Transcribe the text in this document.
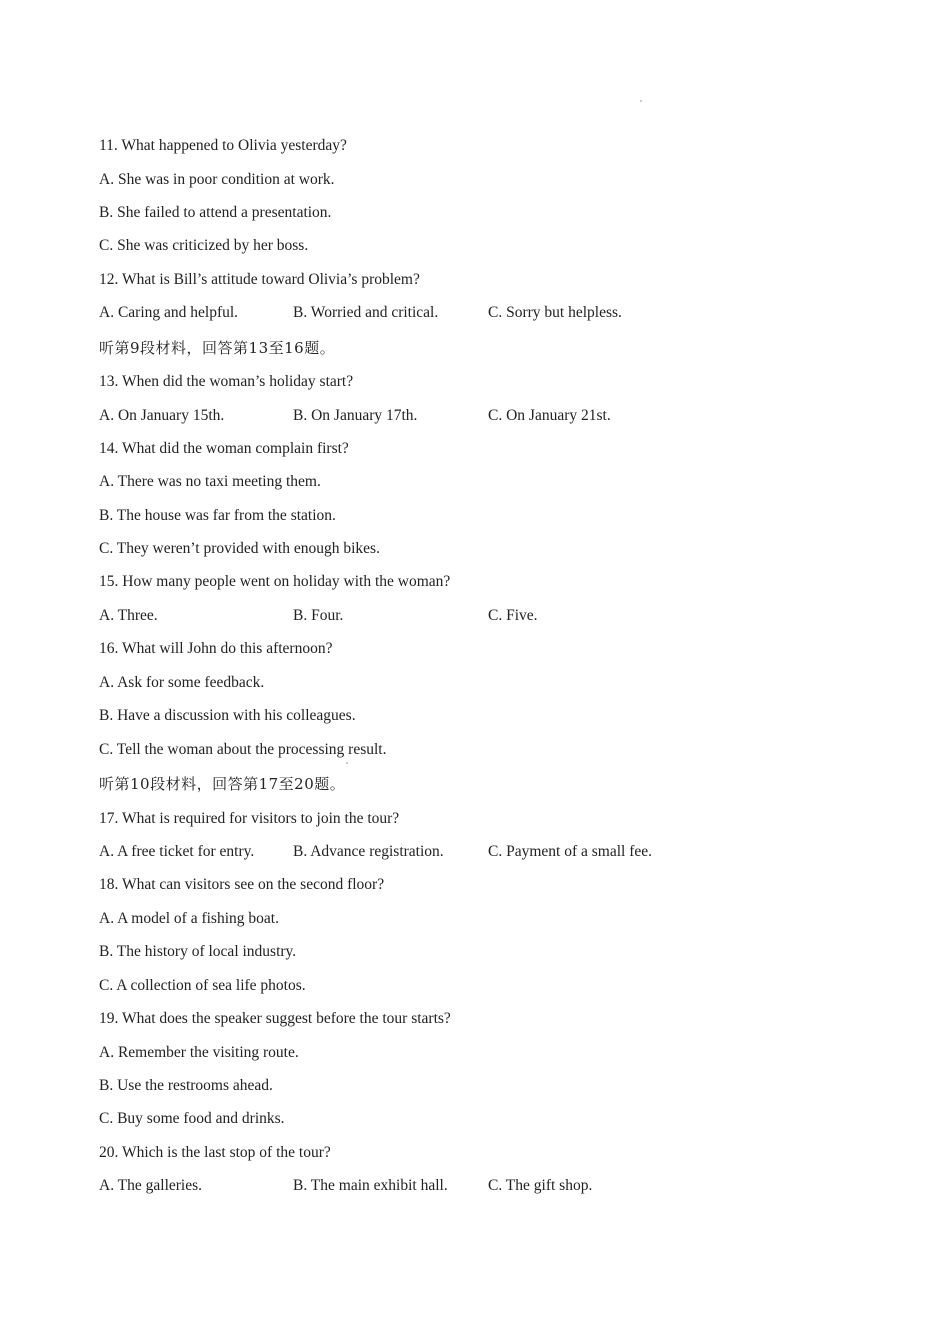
11. What happened to Olivia yesterday?
A. She was in poor condition at work.
B. She failed to attend a presentation.
C. She was criticized by her boss.
12. What is Bill’s attitude toward Olivia’s problem?
A. Caring and helpful.	B. Worried and critical.	C. Sorry but helpless.
听第9段材料，回答第13至16题。
13. When did the woman’s holiday start?
A. On January 15th.	B. On January 17th.	C. On January 21st.
14. What did the woman complain first?
A. There was no taxi meeting them.
B. The house was far from the station.
C. They weren’t provided with enough bikes.
15. How many people went on holiday with the woman?
A. Three.	B. Four.	C. Five.
16. What will John do this afternoon?
A. Ask for some feedback.
B. Have a discussion with his colleagues.
C. Tell the woman about the processing result.
听第10段材料，回答第17至20题。
17. What is required for visitors to join the tour?
A. A free ticket for entry.	B. Advance registration.	C. Payment of a small fee.
18. What can visitors see on the second floor?
A. A model of a fishing boat.
B. The history of local industry.
C. A collection of sea life photos.
19. What does the speaker suggest before the tour starts?
A. Remember the visiting route.
B. Use the restrooms ahead.
C. Buy some food and drinks.
20. Which is the last stop of the tour?
A. The galleries.	B. The main exhibit hall.	C. The gift shop.
